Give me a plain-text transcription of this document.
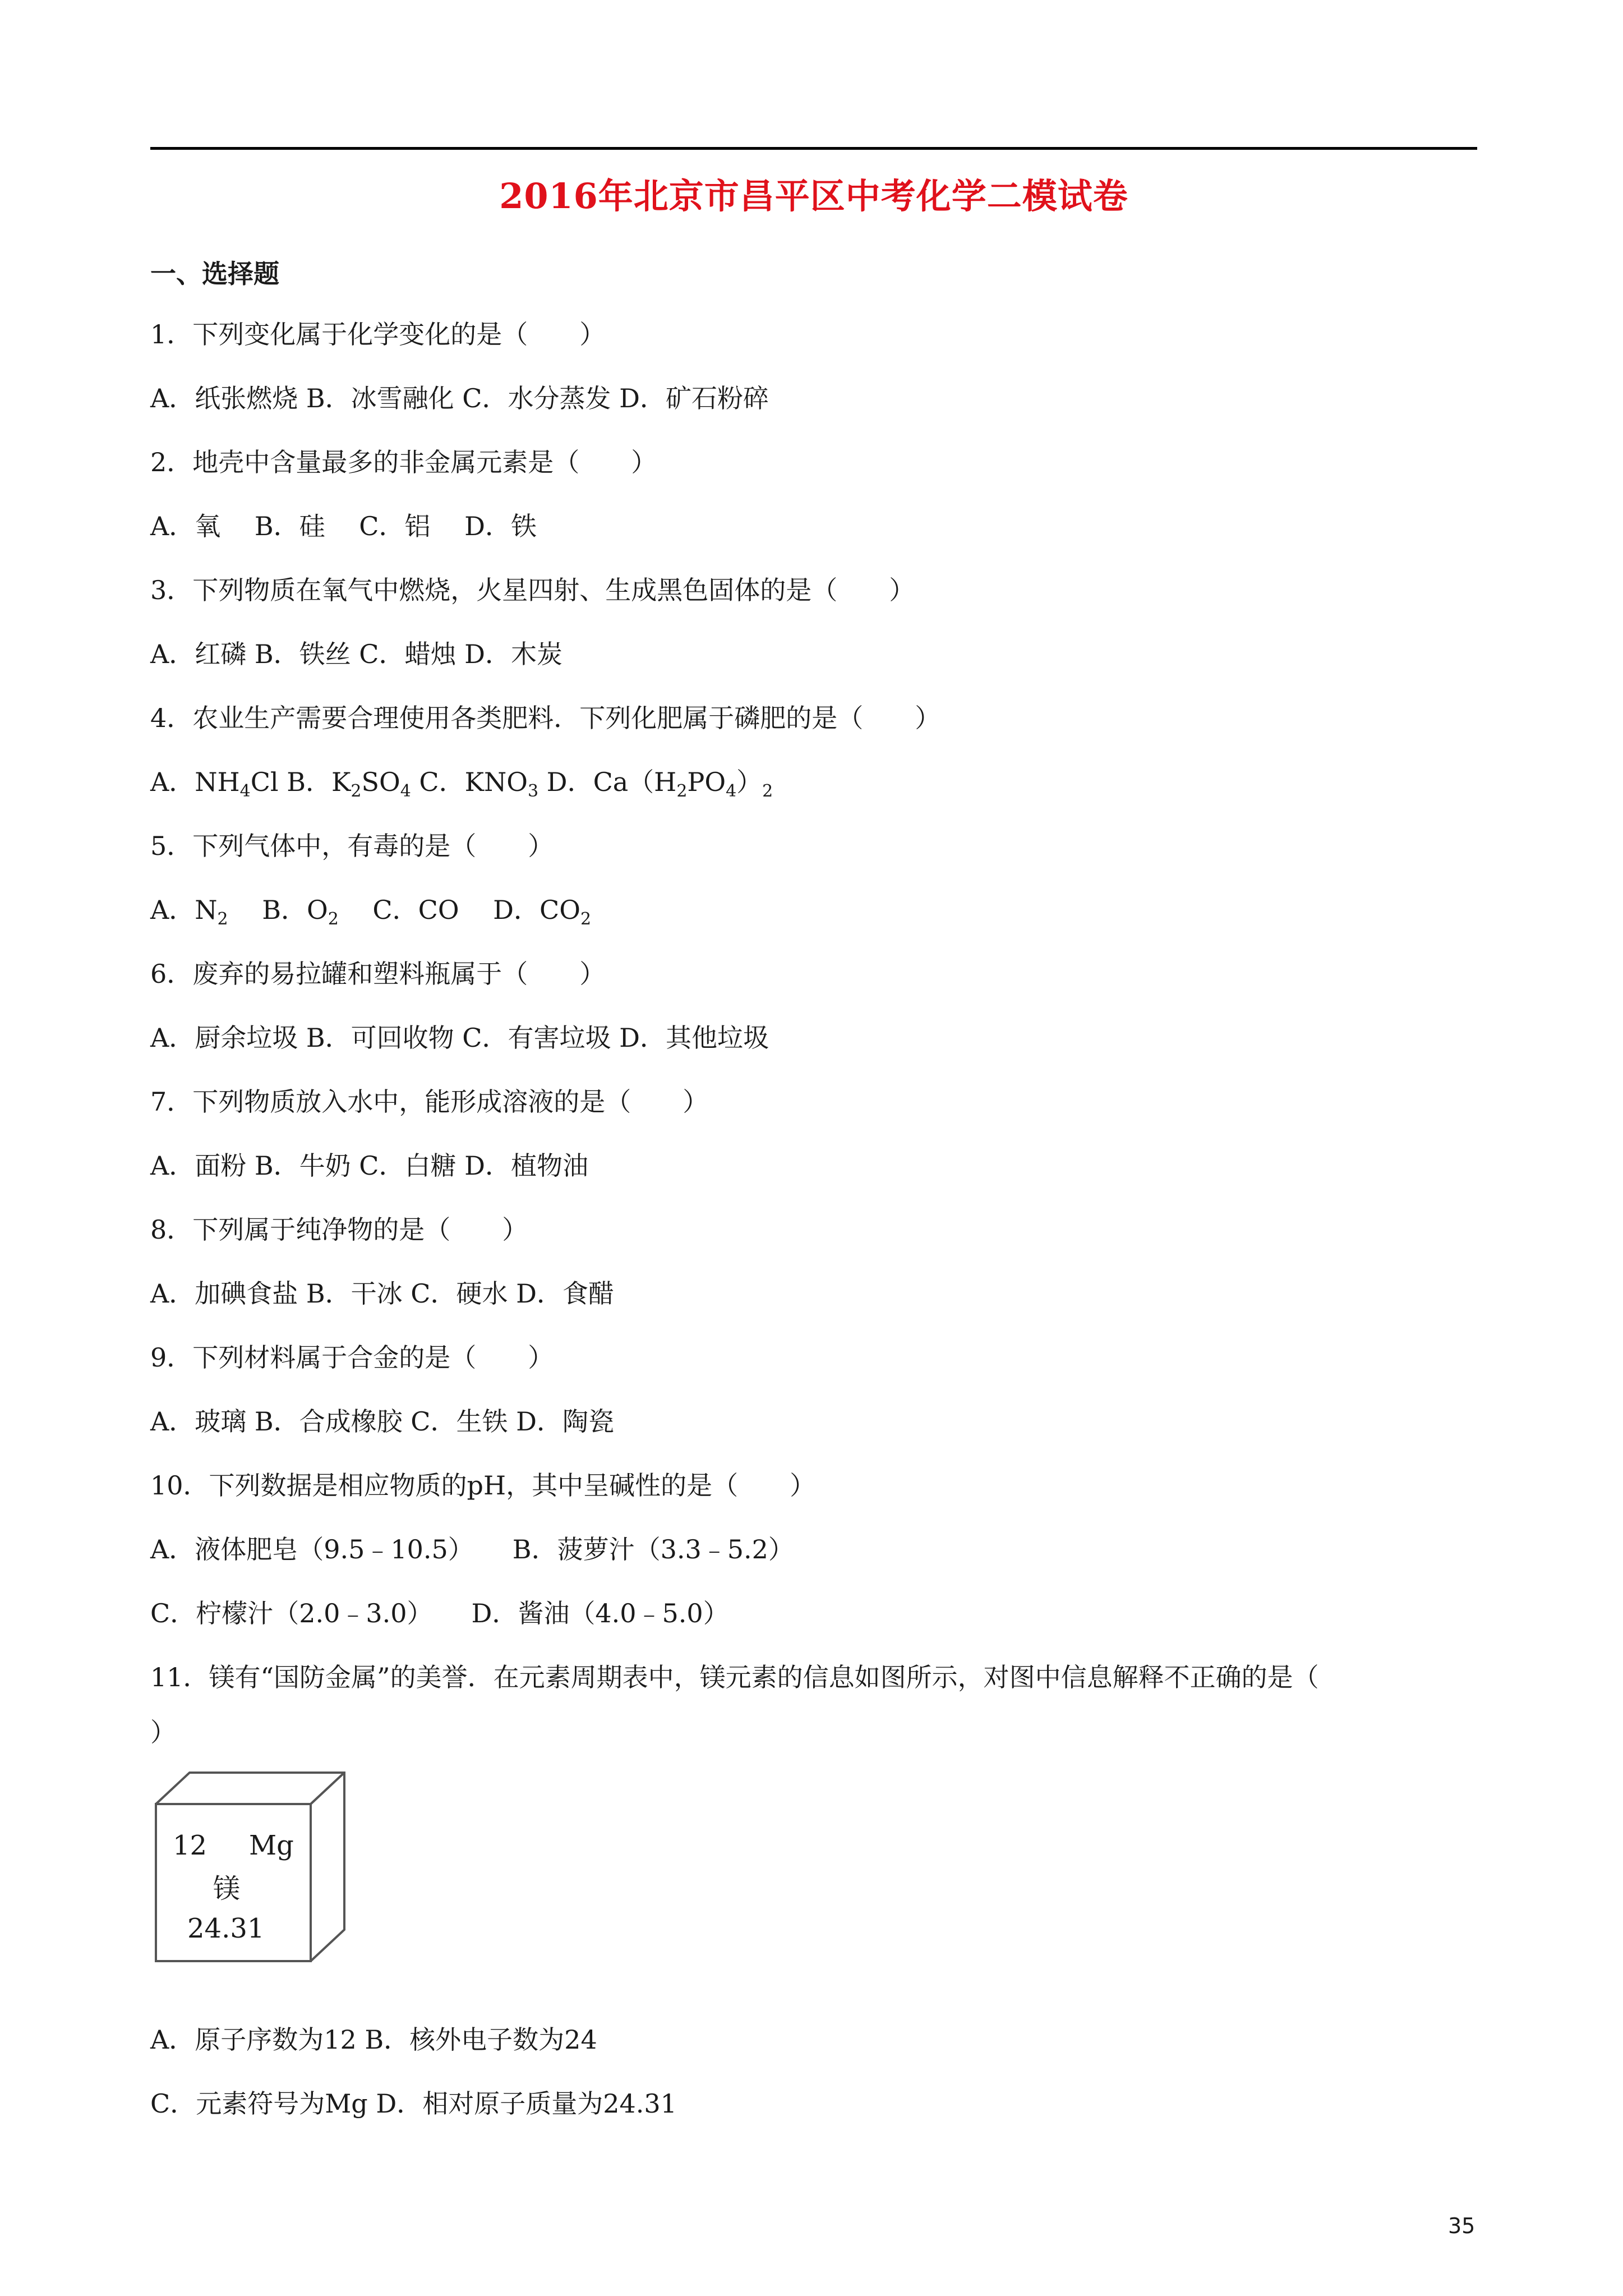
2016年北京市昌平区中考化学二模试卷
一、选择题
1．下列变化属于化学变化的是（　　）
A．纸张燃烧 B．冰雪融化 C．水分蒸发 D．矿石粉碎
2．地壳中含量最多的非金属元素是（　　）
A．氧　 B．硅　 C．铝　 D．铁
3．下列物质在氧气中燃烧，火星四射、生成黑色固体的是（　　）
A．红磷 B．铁丝 C．蜡烛 D．木炭
4．农业生产需要合理使用各类肥料．下列化肥属于磷肥的是（　　）
A．$NH_4Cl$ B．$K_2SO_4$ C．$KNO_3$ D．$Ca(H_2PO_4)_2$
5．下列气体中，有毒的是（　　）
A．$N_2$　 B．$O_2$　 C．CO　 D．$CO_2$
6．废弃的易拉罐和塑料瓶属于（　　）
A．厨余垃圾 B．可回收物 C．有害垃圾 D．其他垃圾
7．下列物质放入水中，能形成溶液的是（　　）
A．面粉 B．牛奶 C．白糖 D．植物油
8．下列属于纯净物的是（　　）
A．加碘食盐 B．干冰 C．硬水 D．食醋
9．下列材料属于合金的是（　　）
A．玻璃 B．合成橡胶 C．生铁 D．陶瓷
10．下列数据是相应物质的pH，其中呈碱性的是（　　）
A．液体肥皂（9.5﹣10.5）　　B．菠萝汁（3.3﹣5.2）
C．柠檬汁（2.0﹣3.0）　　D．酱油（4.0﹣5.0）
11．镁有“国防金属”的美誉．在元素周期表中，镁元素的信息如图所示，对图中信息解释不正确的是（
）
12 Mg
镁
24.31
A．原子序数为12 B．核外电子数为24
C．元素符号为Mg D．相对原子质量为24.31
35
